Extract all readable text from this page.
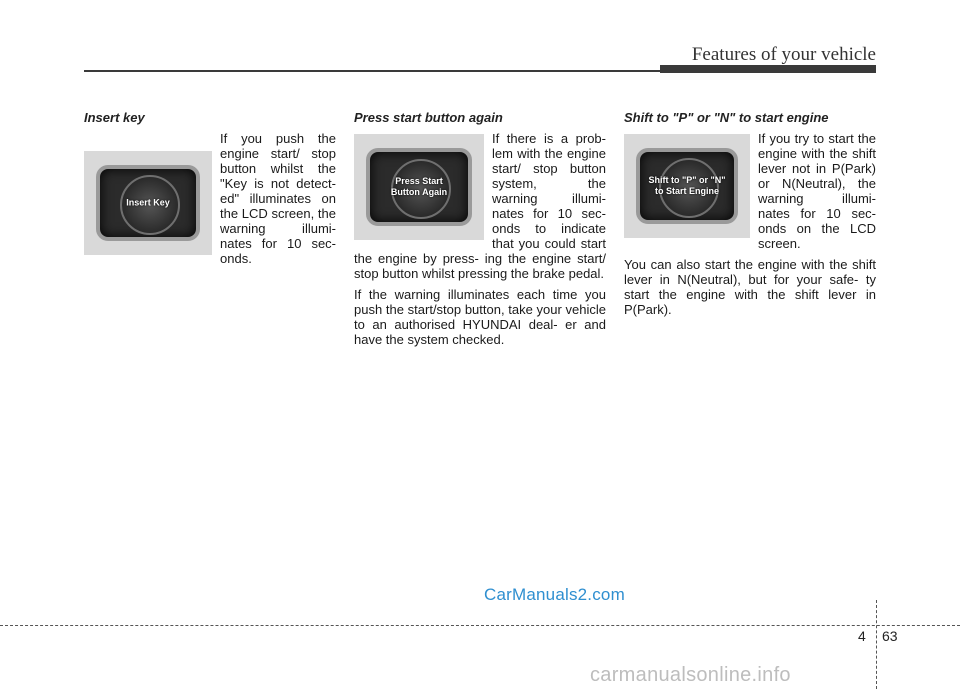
Features of your vehicle
Insert key
Insert Key

If you push the engine start/ stop button whilst the "Key is not detect- ed" illuminates on the LCD screen, the warning illumi- nates for 10 sec- onds.

Press start button again
Press Start
Button Again

If there is a prob- lem with the engine start/ stop button system, the warning illumi- nates for 10 sec- onds to indicate that you could start the engine by press- ing the engine start/ stop button whilst pressing the brake pedal.

If the warning illuminates each time you push the start/stop button, take your vehicle to an authorised HYUNDAI deal- er and have the system checked.

Shift to "P" or "N" to start engine
Shift to "P" or "N"
to Start Engine

If you try to start the engine with the shift lever not in P(Park) or N(Neutral), the warning illumi- nates for 10 sec- onds on the LCD screen.

You can also start the engine with the shift lever in N(Neutral), but for your safe- ty start the engine with the shift lever in P(Park).

CarManuals2.com
4 63
carmanualsonline.info
